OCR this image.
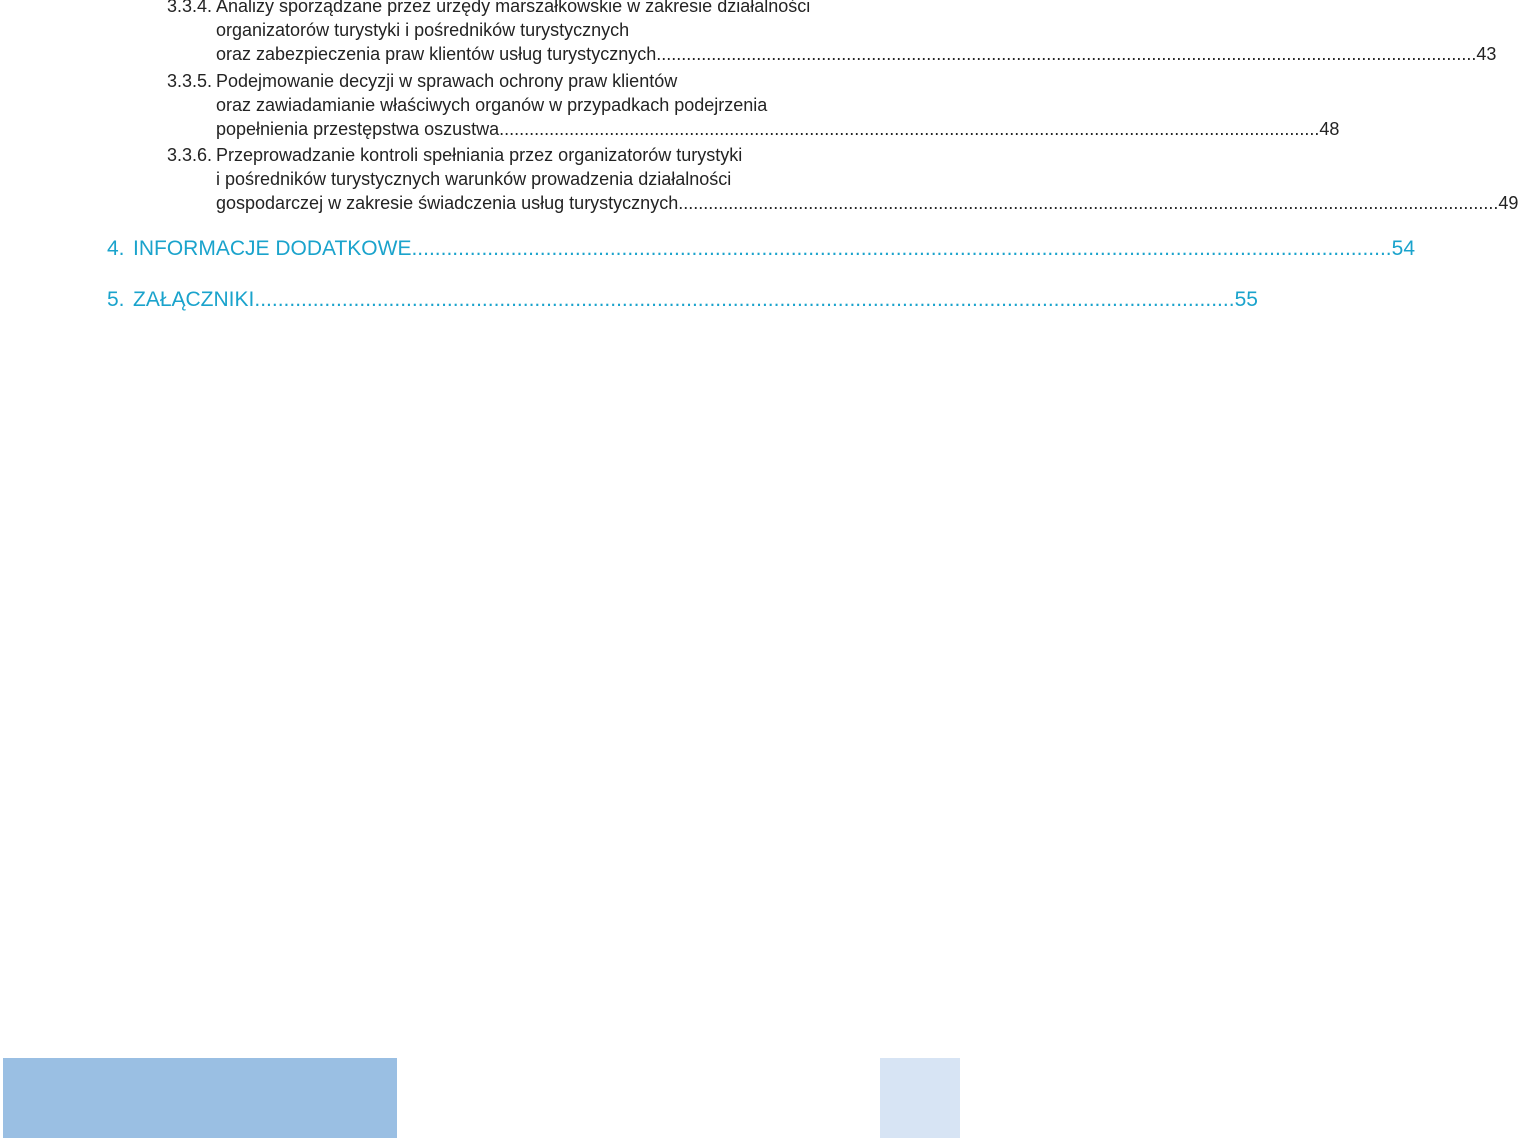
3.3.4. Analizy sporządzane przez urzędy marszałkowskie w zakresie działalności
organizatorów turystyki i pośredników turystycznych
oraz zabezpieczenia praw klientów usług turystycznych .................................................................................................................................................................... 43
3.3.5. Podejmowanie decyzji w sprawach ochrony praw klientów
oraz zawiadamianie właściwych organów w przypadkach podejrzenia
popełnienia przestępstwa oszustwa .................................................................................................................................................................... 48
3.3.6. Przeprowadzanie kontroli spełniania przez organizatorów turystyki
i pośredników turystycznych warunków prowadzenia działalności
gospodarczej w zakresie świadczenia usług turystycznych .................................................................................................................................................................... 49
4. INFORMACJE DODATKOWE ........................................................................................................................................................................ 54
5. ZAŁĄCZNIKI ........................................................................................................................................................................ 55
